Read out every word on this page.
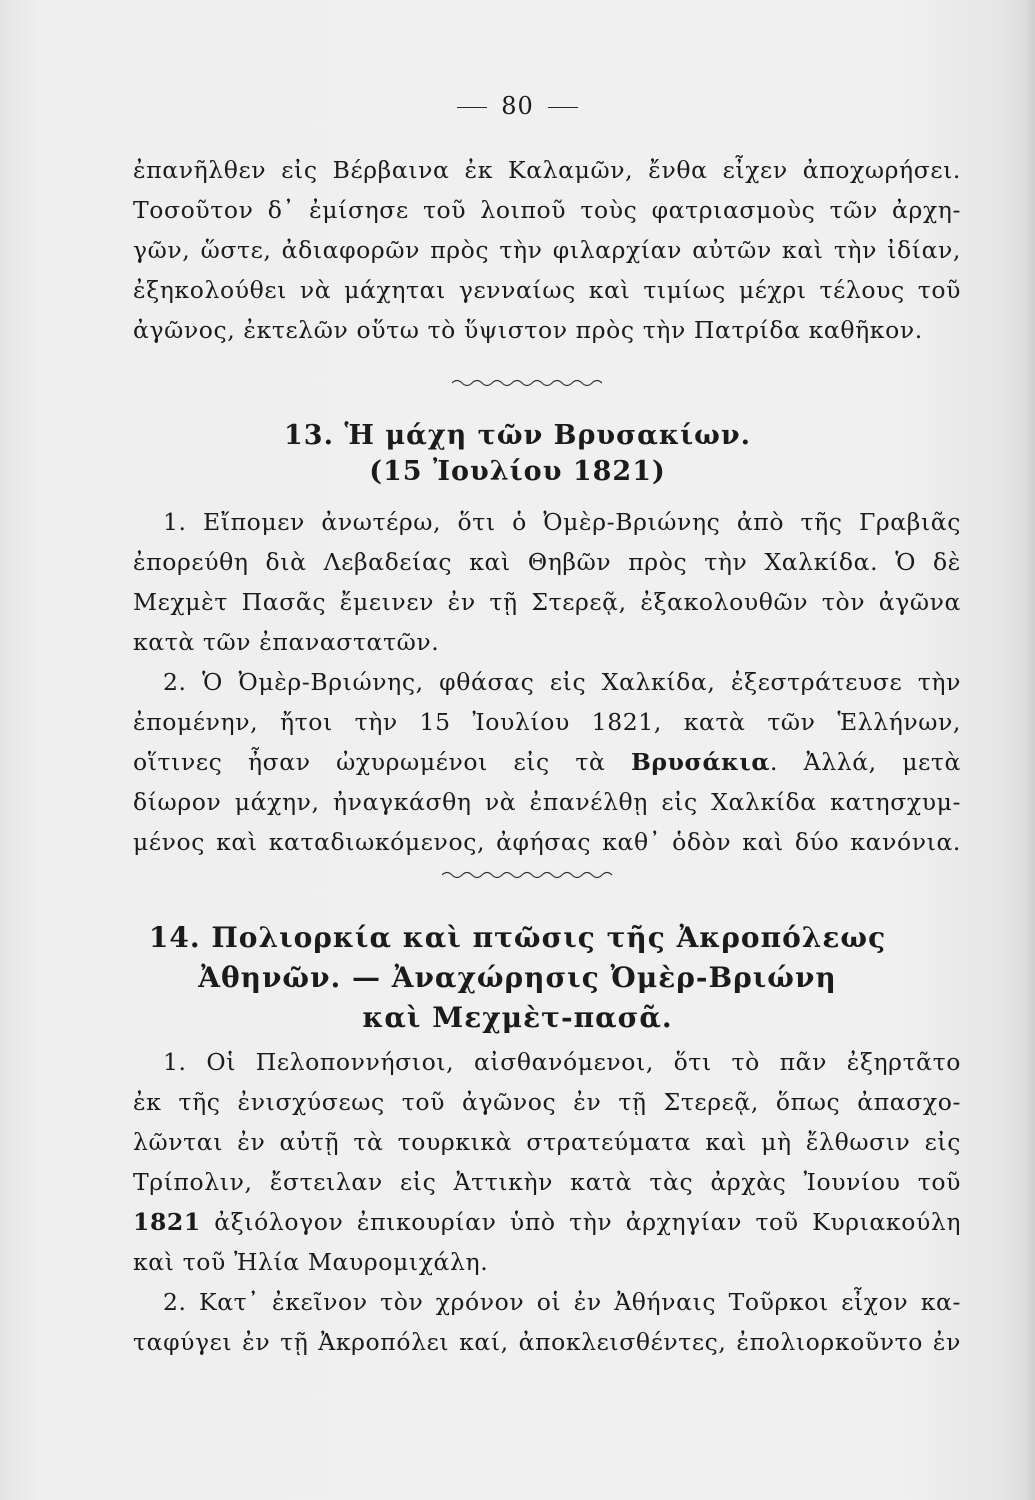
80
ἐπανῆλθεν εἰς Βέρβαινα ἐκ Καλαμῶν, ἔνθα εἶχεν ἀποχωρήσει.
Τοσοῦτον δ᾽ ἐμίσησε τοῦ λοιποῦ τοὺς φατριασμοὺς τῶν ἀρχη-
γῶν, ὥστε, ἀδιαφορῶν πρὸς τὴν φιλαρχίαν αὐτῶν καὶ τὴν ἰδίαν,
ἐξηκολούθει νὰ μάχηται γενναίως καὶ τιμίως μέχρι τέλους τοῦ
ἀγῶνος, ἐκτελῶν οὕτω τὸ ὕψιστον πρὸς τὴν Πατρίδα καθῆκον.
13. Ἡ μάχη τῶν Βρυσακίων.
(15 Ἰουλίου 1821)
1. Εἴπομεν ἀνωτέρω, ὅτι ὁ Ὀμὲρ-Βριώνης ἀπὸ τῆς Γραβιᾶς
ἐπορεύθη διὰ Λεβαδείας καὶ Θηβῶν πρὸς τὴν Χαλκίδα. Ὁ δὲ
Μεχμὲτ Πασᾶς ἔμεινεν ἐν τῇ Στερεᾷ, ἐξακολουθῶν τὸν ἀγῶνα
κατὰ τῶν ἐπαναστατῶν.
2. Ὁ Ὀμὲρ-Βριώνης, φθάσας εἰς Χαλκίδα, ἐξεστράτευσε τὴν
ἐπομένην, ἤτοι τὴν 15 Ἰουλίου 1821, κατὰ τῶν Ἑλλήνων,
οἵτινες ἦσαν ὠχυρωμένοι εἰς τὰ Βρυσάκια. Ἀλλά, μετὰ
δίωρον μάχην, ἠναγκάσθη νὰ ἐπανέλθῃ εἰς Χαλκίδα κατησχυμ-
μένος καὶ καταδιωκόμενος, ἀφήσας καθ᾽ ὁδὸν καὶ δύο κανόνια.
14. Πολιορκία καὶ πτῶσις τῆς Ἀκροπόλεως
Ἀθηνῶν. — Ἀναχώρησις Ὀμὲρ-Βριώνη
καὶ Μεχμὲτ-πασᾶ.
1. Οἱ Πελοποννήσιοι, αἰσθανόμενοι, ὅτι τὸ πᾶν ἐξηρτᾶτο
ἐκ τῆς ἐνισχύσεως τοῦ ἀγῶνος ἐν τῇ Στερεᾷ, ὅπως ἀπασχο-
λῶνται ἐν αὐτῇ τὰ τουρκικὰ στρατεύματα καὶ μὴ ἔλθωσιν εἰς
Τρίπολιν, ἔστειλαν εἰς Ἀττικὴν κατὰ τὰς ἀρχὰς Ἰουνίου τοῦ
1821 ἀξιόλογον ἐπικουρίαν ὑπὸ τὴν ἀρχηγίαν τοῦ Κυριακούλη
καὶ τοῦ Ἠλία Μαυρομιχάλη.
2. Κατ᾽ ἐκεῖνον τὸν χρόνον οἱ ἐν Ἀθήναις Τοῦρκοι εἶχον κα-
ταφύγει ἐν τῇ Ἀκροπόλει καί, ἀποκλεισθέντες, ἐπολιορκοῦντο ἐν
